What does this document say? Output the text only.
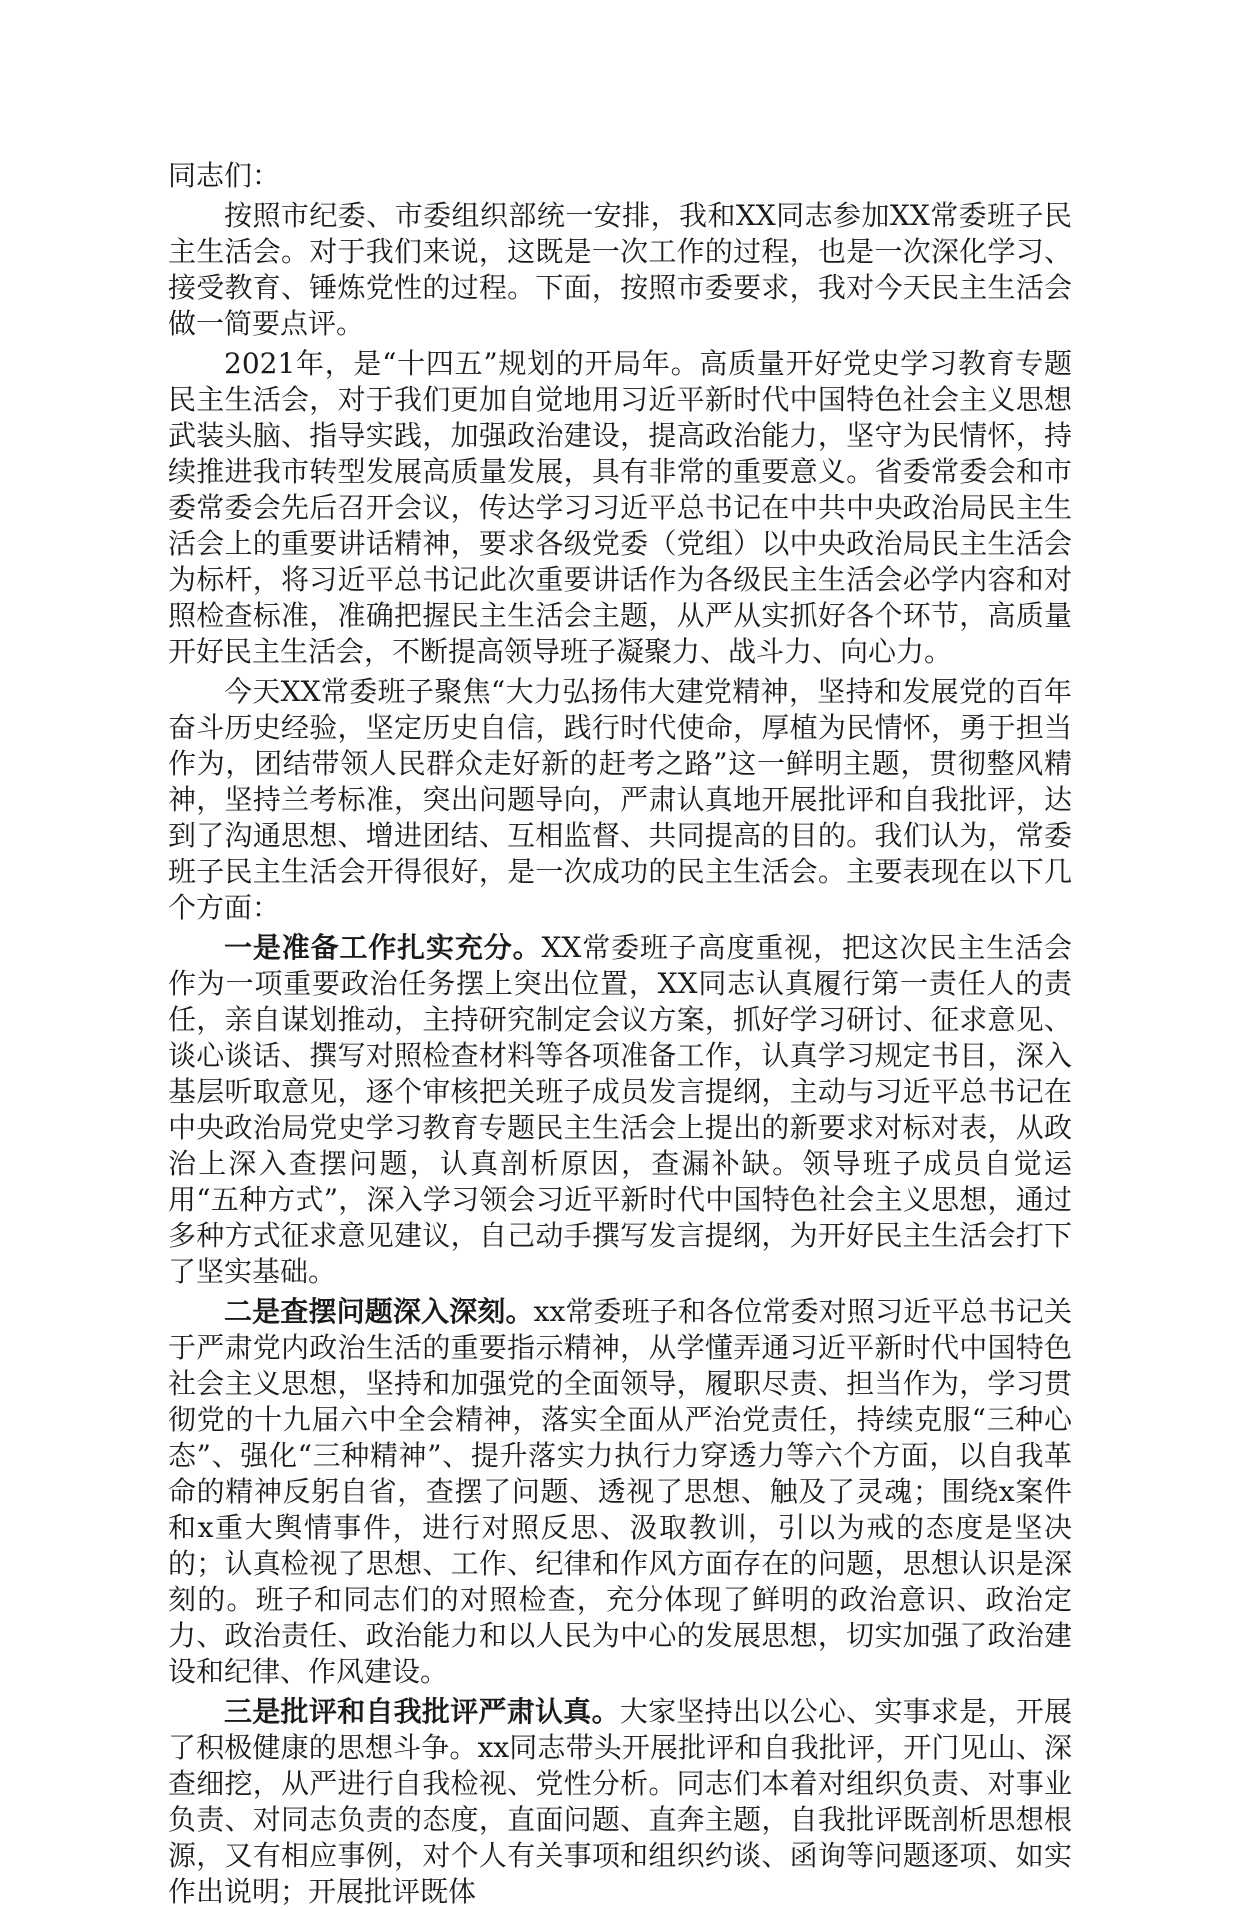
同志们：

按照市纪委、市委组织部统一安排，我和XX同志参加XX常委班子民主生活会。对于我们来说，这既是一次工作的过程，也是一次深化学习、接受教育、锤炼党性的过程。下面，按照市委要求，我对今天民主生活会做一简要点评。

2021年，是“十四五”规划的开局年。高质量开好党史学习教育专题民主生活会，对于我们更加自觉地用习近平新时代中国特色社会主义思想武装头脑、指导实践，加强政治建设，提高政治能力，坚守为民情怀，持续推进我市转型发展高质量发展，具有非常的重要意义。省委常委会和市委常委会先后召开会议，传达学习习近平总书记在中共中央政治局民主生活会上的重要讲话精神，要求各级党委（党组）以中央政治局民主生活会为标杆，将习近平总书记此次重要讲话作为各级民主生活会必学内容和对照检查标准，准确把握民主生活会主题，从严从实抓好各个环节，高质量开好民主生活会，不断提高领导班子凝聚力、战斗力、向心力。

今天XX常委班子聚焦“大力弘扬伟大建党精神，坚持和发展党的百年奋斗历史经验，坚定历史自信，践行时代使命，厚植为民情怀，勇于担当作为，团结带领人民群众走好新的赶考之路”这一鲜明主题，贯彻整风精神，坚持兰考标准，突出问题导向，严肃认真地开展批评和自我批评，达到了沟通思想、增进团结、互相监督、共同提高的目的。我们认为，常委班子民主生活会开得很好，是一次成功的民主生活会。主要表现在以下几个方面：

一是准备工作扎实充分。XX常委班子高度重视，把这次民主生活会作为一项重要政治任务摆上突出位置，XX同志认真履行第一责任人的责任，亲自谋划推动，主持研究制定会议方案，抓好学习研讨、征求意见、谈心谈话、撰写对照检查材料等各项准备工作，认真学习规定书目，深入基层听取意见，逐个审核把关班子成员发言提纲，主动与习近平总书记在中央政治局党史学习教育专题民主生活会上提出的新要求对标对表，从政治上深入查摆问题，认真剖析原因，查漏补缺。领导班子成员自觉运用“五种方式”，深入学习领会习近平新时代中国特色社会主义思想，通过多种方式征求意见建议，自己动手撰写发言提纲，为开好民主生活会打下了坚实基础。

二是查摆问题深入深刻。xx常委班子和各位常委对照习近平总书记关于严肃党内政治生活的重要指示精神，从学懂弄通习近平新时代中国特色社会主义思想，坚持和加强党的全面领导，履职尽责、担当作为，学习贯彻党的十九届六中全会精神，落实全面从严治党责任，持续克服“三种心态”、强化“三种精神”、提升落实力执行力穿透力等六个方面，以自我革命的精神反躬自省，查摆了问题、透视了思想、触及了灵魂；围绕x案件和x重大舆情事件，进行对照反思、汲取教训，引以为戒的态度是坚决的；认真检视了思想、工作、纪律和作风方面存在的问题，思想认识是深刻的。班子和同志们的对照检查，充分体现了鲜明的政治意识、政治定力、政治责任、政治能力和以人民为中心的发展思想，切实加强了政治建设和纪律、作风建设。

三是批评和自我批评严肃认真。大家坚持出以公心、实事求是，开展了积极健康的思想斗争。xx同志带头开展批评和自我批评，开门见山、深查细挖，从严进行自我检视、党性分析。同志们本着对组织负责、对事业负责、对同志负责的态度，直面问题、直奔主题，自我批评既剖析思想根源，又有相应事例，对个人有关事项和组织约谈、函询等问题逐项、如实作出说明；开展批评既体
